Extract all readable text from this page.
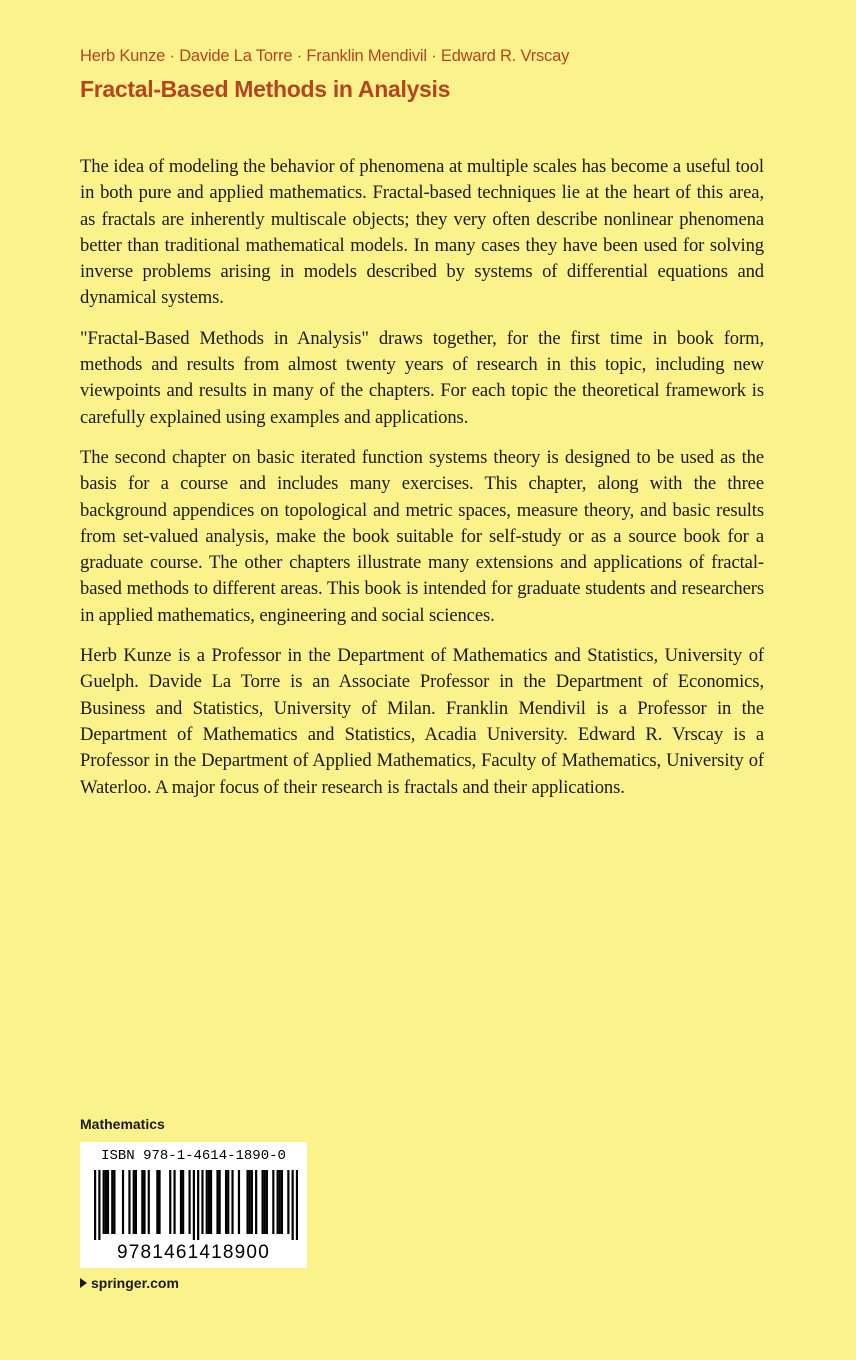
Herb Kunze · Davide La Torre · Franklin Mendivil · Edward R. Vrscay
Fractal-Based Methods in Analysis

The idea of modeling the behavior of phenomena at multiple scales has become a useful tool in both pure and applied mathematics. Fractal-based techniques lie at the heart of this area, as fractals are inherently multiscale objects; they very often describe nonlinear phenomena better than traditional mathematical models. In many cases they have been used for solving inverse problems arising in models described by systems of differential equations and dynamical systems.

"Fractal-Based Methods in Analysis" draws together, for the first time in book form, methods and results from almost twenty years of research in this topic, including new viewpoints and results in many of the chapters. For each topic the theoretical framework is carefully explained using examples and applications.

The second chapter on basic iterated function systems theory is designed to be used as the basis for a course and includes many exercises. This chapter, along with the three background appendices on topological and metric spaces, measure theory, and basic results from set-valued analysis, make the book suitable for self-study or as a source book for a graduate course. The other chapters illustrate many extensions and applications of fractal-based methods to different areas. This book is intended for graduate students and researchers in applied mathematics, engineering and social sciences.

Herb Kunze is a Professor in the Department of Mathematics and Statistics, University of Guelph. Davide La Torre is an Associate Professor in the Department of Economics, Business and Statistics, University of Milan. Franklin Mendivil is a Professor in the Department of Mathematics and Statistics, Acadia University. Edward R. Vrscay is a Professor in the Department of Applied Mathematics, Faculty of Mathematics, University of Waterloo. A major focus of their research is fractals and their applications.

Mathematics
ISBN 978-1-4614-1890-0
9781461418900
springer.com
